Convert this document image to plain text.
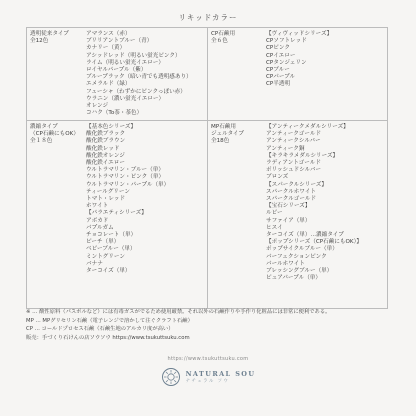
リキッドカラー
透明従来タイプ
全12色
アマランス（赤）
ブリリアントブルー（青）
カナリー（黄）
アシッドレッド（明るい蛍光ピンク）
ライム（明るい蛍光イエロー）
ロイヤルパープル（紫）
ブループラック（暗い青でも透明感あり）
エメラルド（緑）
フューシャ（わずかにピンクっぽい赤）
ウラニン（濃い蛍光イエロー）
オレンジ
コハク（To茶・茶色）
CP石鹸用
全６色
【ヴィヴィッドシリーズ】
CPソフトレッド
CPピンク
CPイエロー
CPタンジェリン
CPブルー
CPパープル
CP半透明
濃縮タイプ
（CP石鹸にもOK）
全１８色
【基本色シリーズ】
酸化鉄ブラック
酸化鉄ブラウン
酸化鉄レッド
酸化鉄オレンジ
酸化鉄イエロー
ウルトラマリン・ブルー（単）
ウルトラマリン・ピンク（単）
ウルトラマリン・パープル（単）
ティールグリーン
トマト・レッド
ホワイト
【パラエティシリーズ】
アボカド
パプルガム
チョコレート（単）
ピーチ（単）
ベビーブルー（単）
ミントグリーン
バナナ
ターコイズ（単）
MP石鹸用
ジェルタイプ
全18色
【アンティークメダルシリーズ】
アンティークゴールド
アンティークシルバー
アンティーク銅
【キラキラメダルシリーズ】
ラディアントゴールド
ポリッシュドシルバー
ブロンズ
【スパークルシリーズ】
スパークルホワイト
スパークルゴールド
【宝石シリーズ】
ルビー
サファイア（単）
ヒスイ
ターコイズ（単）…濃縮タイプ
【ポップシリーズ（CP石鹸にもOK）】
ポップサイクルブルー（単）
パーフェクションピンク
パールホワイト
ブレッシングブルー（単）
ピュアパープル（単）
※ … 酸性原料（パスポルなど）には有毒ガスがでるため使用厳禁。それ以外の石鹸作りや手作り化粧品には非常に便利である。
MP … MPグリセリン石鹸（電子レンジで溶かして注ぐクラフト石鹸）
CP … コールドプロセス石鹸（石鹸生地のアルカリ度が高い）
販売：手づくり石けんの店ソウソウ https://www.tsukuttsuku.com
https://www.tsukuttsuku.com
NATURAL SOU
ナチュラル ソウ
